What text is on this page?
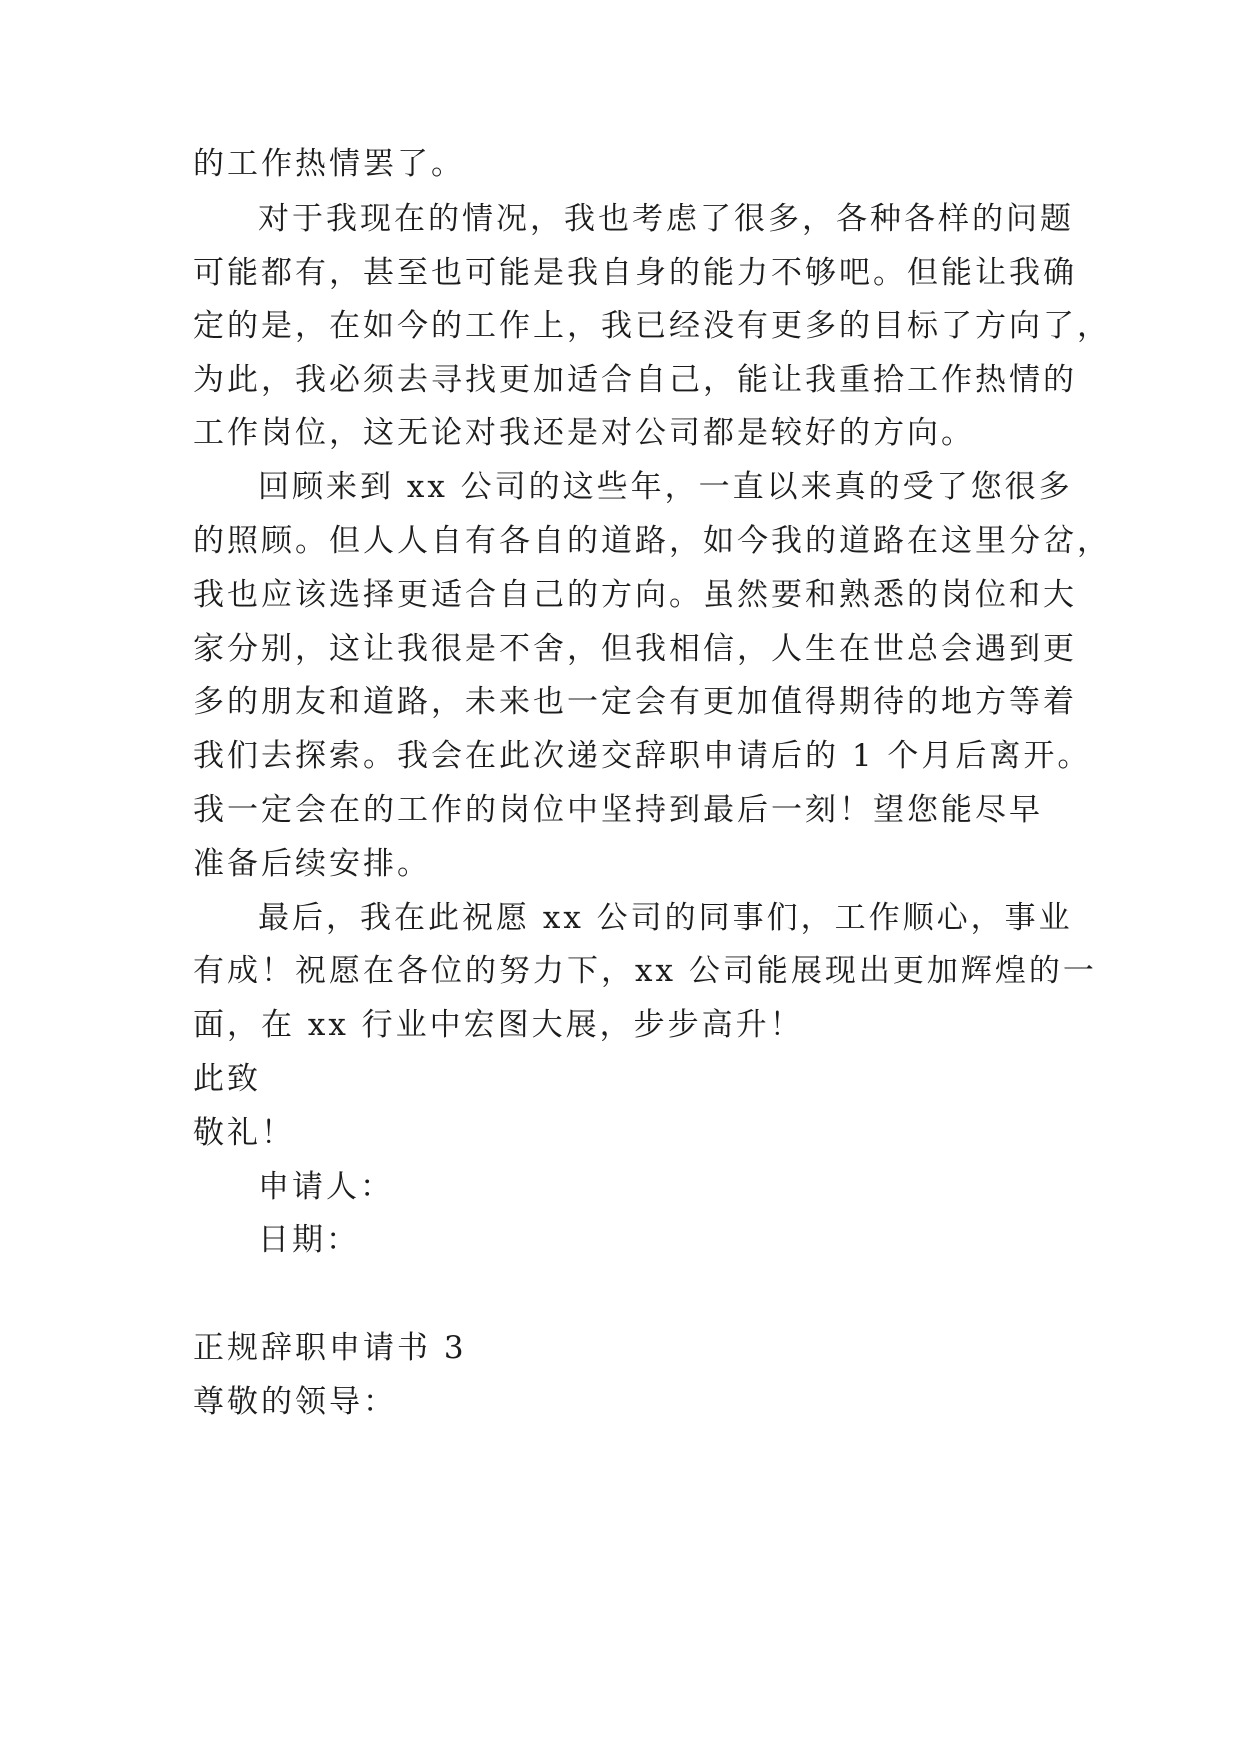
的工作热情罢了。
对于我现在的情况，我也考虑了很多，各种各样的问题
可能都有，甚至也可能是我自身的能力不够吧。但能让我确
定的是，在如今的工作上，我已经没有更多的目标了方向了，
为此，我必须去寻找更加适合自己，能让我重拾工作热情的
工作岗位，这无论对我还是对公司都是较好的方向。
回顾来到 xx 公司的这些年，一直以来真的受了您很多
的照顾。但人人自有各自的道路，如今我的道路在这里分岔，
我也应该选择更适合自己的方向。虽然要和熟悉的岗位和大
家分别，这让我很是不舍，但我相信，人生在世总会遇到更
多的朋友和道路，未来也一定会有更加值得期待的地方等着
我们去探索。我会在此次递交辞职申请后的 1 个月后离开。
我一定会在的工作的岗位中坚持到最后一刻！望您能尽早
准备后续安排。
最后，我在此祝愿 xx 公司的同事们，工作顺心，事业
有成！祝愿在各位的努力下，xx 公司能展现出更加辉煌的一
面，在 xx 行业中宏图大展，步步高升！
此致
敬礼！
申请人：
日期：
正规辞职申请书 3
尊敬的领导：
